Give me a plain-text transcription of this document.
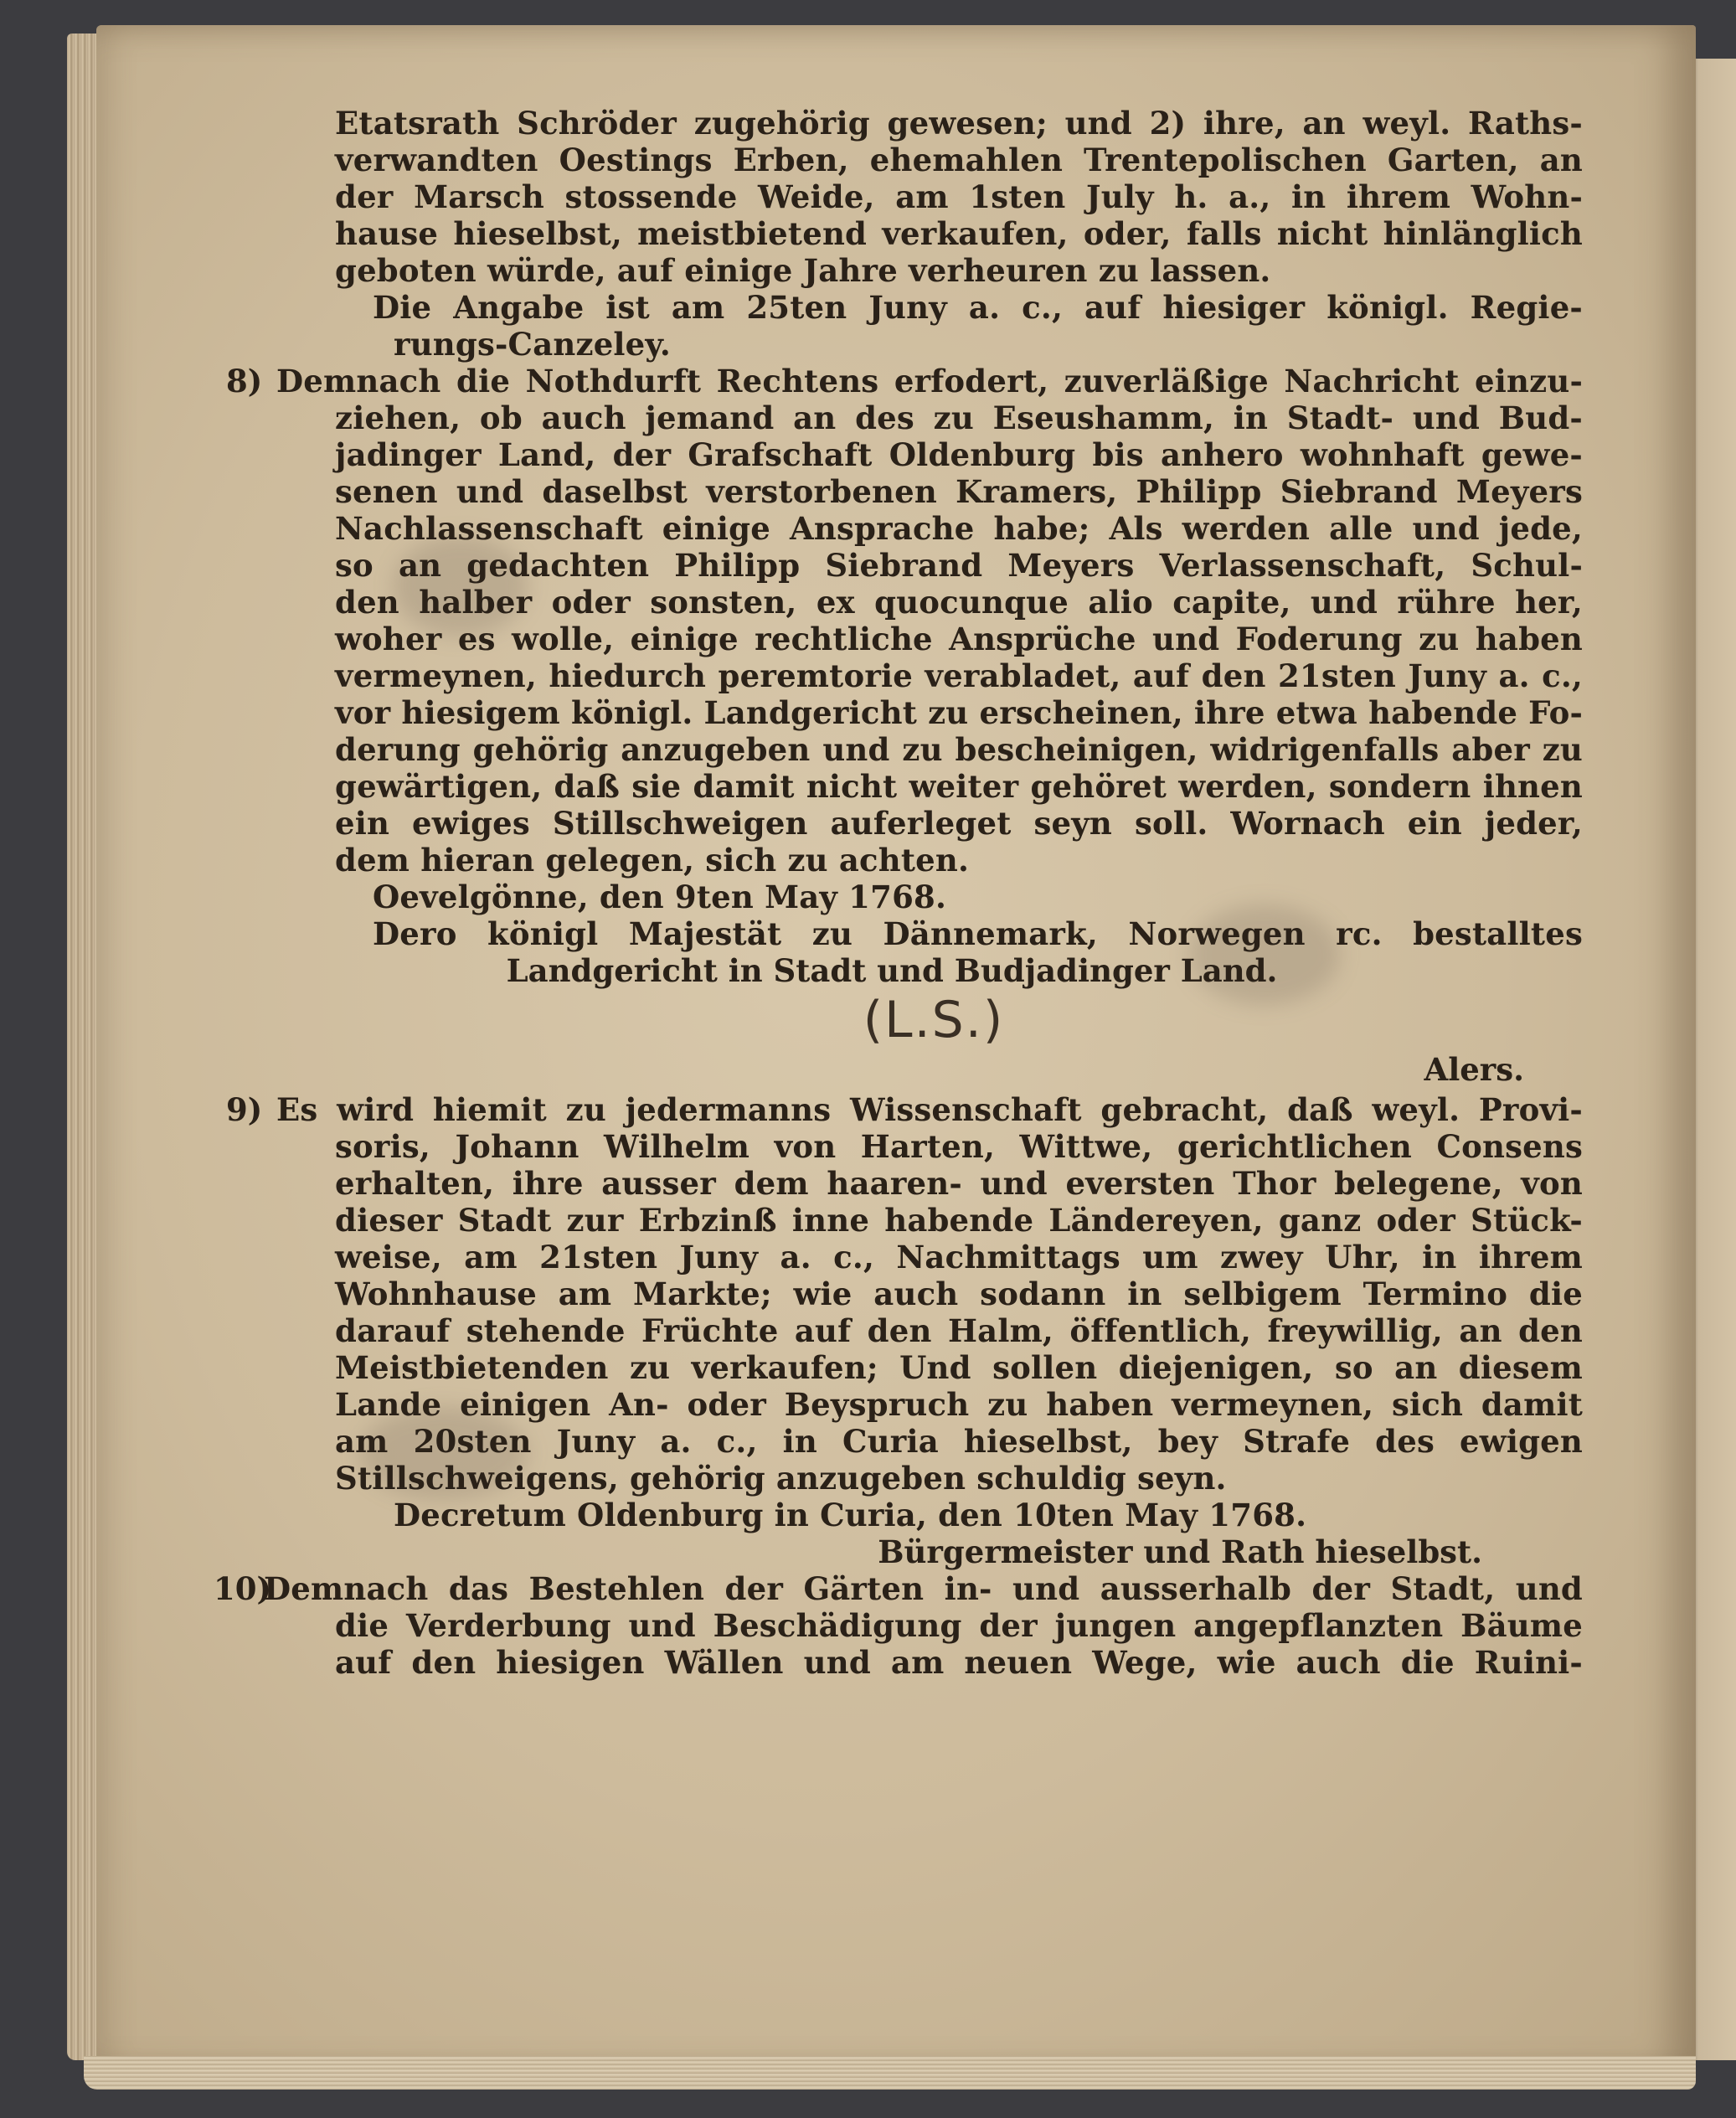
Etatsrath Schröder zugehörig gewesen; und 2) ihre, an weyl. Raths-
verwandten Oestings Erben, ehemahlen Trentepolischen Garten, an
der Marsch stossende Weide, am 1sten July h. a., in ihrem Wohn-
hause hieselbst, meistbietend verkaufen, oder, falls nicht hinlänglich
geboten würde, auf einige Jahre verheuren zu lassen.
Die Angabe ist am 25ten Juny a. c., auf hiesiger königl. Regie-
rungs-Canzeley.
8) Demnach die Nothdurft Rechtens erfodert, zuverläßige Nachricht einzu-
ziehen, ob auch jemand an des zu Eseushamm, in Stadt- und Bud-
jadinger Land, der Grafschaft Oldenburg bis anhero wohnhaft gewe-
senen und daselbst verstorbenen Kramers, Philipp Siebrand Meyers
Nachlassenschaft einige Ansprache habe; Als werden alle und jede,
so an gedachten Philipp Siebrand Meyers Verlassenschaft, Schul-
den halber oder sonsten, ex quocunque alio capite, und rühre her,
woher es wolle, einige rechtliche Ansprüche und Foderung zu haben
vermeynen, hiedurch peremtorie verabladet, auf den 21sten Juny a. c.,
vor hiesigem königl. Landgericht zu erscheinen, ihre etwa habende Fo-
derung gehörig anzugeben und zu bescheinigen, widrigenfalls aber zu
gewärtigen, daß sie damit nicht weiter gehöret werden, sondern ihnen
ein ewiges Stillschweigen auferleget seyn soll. Wornach ein jeder,
dem hieran gelegen, sich zu achten.
Oevelgönne, den 9ten May 1768.
Dero königl Majestät zu Dännemark, Norwegen rc. bestalltes
Landgericht in Stadt und Budjadinger Land.
(L.S.)
Alers.
9) Es wird hiemit zu jedermanns Wissenschaft gebracht, daß weyl. Provi-
soris, Johann Wilhelm von Harten, Wittwe, gerichtlichen Consens
erhalten, ihre ausser dem haaren- und eversten Thor belegene, von
dieser Stadt zur Erbzinß inne habende Ländereyen, ganz oder Stück-
weise, am 21sten Juny a. c., Nachmittags um zwey Uhr, in ihrem
Wohnhause am Markte; wie auch sodann in selbigem Termino die
darauf stehende Früchte auf den Halm, öffentlich, freywillig, an den
Meistbietenden zu verkaufen; Und sollen diejenigen, so an diesem
Lande einigen An- oder Beyspruch zu haben vermeynen, sich damit
am 20sten Juny a. c., in Curia hieselbst, bey Strafe des ewigen
Stillschweigens, gehörig anzugeben schuldig seyn.
Decretum Oldenburg in Curia, den 10ten May 1768.
Bürgermeister und Rath hieselbst.
10)
Demnach das Bestehlen der Gärten in- und ausserhalb der Stadt, und
die Verderbung und Beschädigung der jungen angepflanzten Bäume
auf den hiesigen Wällen und am neuen Wege, wie auch die Ruini-
